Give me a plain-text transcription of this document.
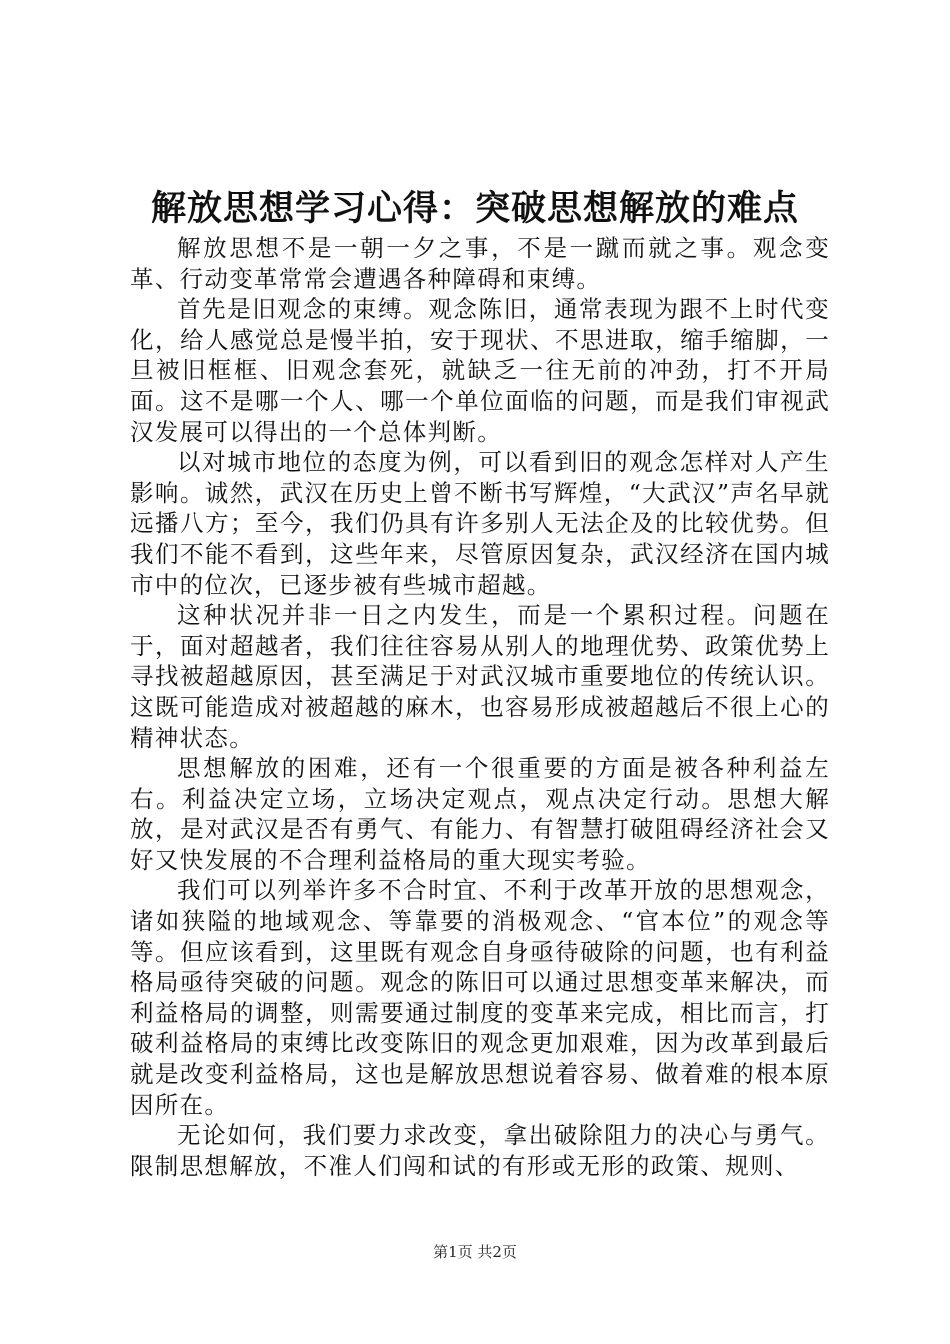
解放思想学习心得：突破思想解放的难点

解放思想不是一朝一夕之事，不是一蹴而就之事。观念变革、行动变革常常会遭遇各种障碍和束缚。

首先是旧观念的束缚。观念陈旧，通常表现为跟不上时代变化，给人感觉总是慢半拍，安于现状、不思进取，缩手缩脚，一旦被旧框框、旧观念套死，就缺乏一往无前的冲劲，打不开局面。这不是哪一个人、哪一个单位面临的问题，而是我们审视武汉发展可以得出的一个总体判断。

以对城市地位的态度为例，可以看到旧的观念怎样对人产生影响。诚然，武汉在历史上曾不断书写辉煌，“大武汉”声名早就远播八方；至今，我们仍具有许多别人无法企及的比较优势。但我们不能不看到，这些年来，尽管原因复杂，武汉经济在国内城市中的位次，已逐步被有些城市超越。

这种状况并非一日之内发生，而是一个累积过程。问题在于，面对超越者，我们往往容易从别人的地理优势、政策优势上寻找被超越原因，甚至满足于对武汉城市重要地位的传统认识。这既可能造成对被超越的麻木，也容易形成被超越后不很上心的精神状态。

思想解放的困难，还有一个很重要的方面是被各种利益左右。利益决定立场，立场决定观点，观点决定行动。思想大解放，是对武汉是否有勇气、有能力、有智慧打破阻碍经济社会又好又快发展的不合理利益格局的重大现实考验。

我们可以列举许多不合时宜、不利于改革开放的思想观念，诸如狭隘的地域观念、等靠要的消极观念、“官本位”的观念等等。但应该看到，这里既有观念自身亟待破除的问题，也有利益格局亟待突破的问题。观念的陈旧可以通过思想变革来解决，而利益格局的调整，则需要通过制度的变革来完成，相比而言，打破利益格局的束缚比改变陈旧的观念更加艰难，因为改革到最后就是改变利益格局，这也是解放思想说着容易、做着难的根本原因所在。

无论如何，我们要力求改变，拿出破除阻力的决心与勇气。限制思想解放，不准人们闯和试的有形或无形的政策、规则、

第1页 共2页
